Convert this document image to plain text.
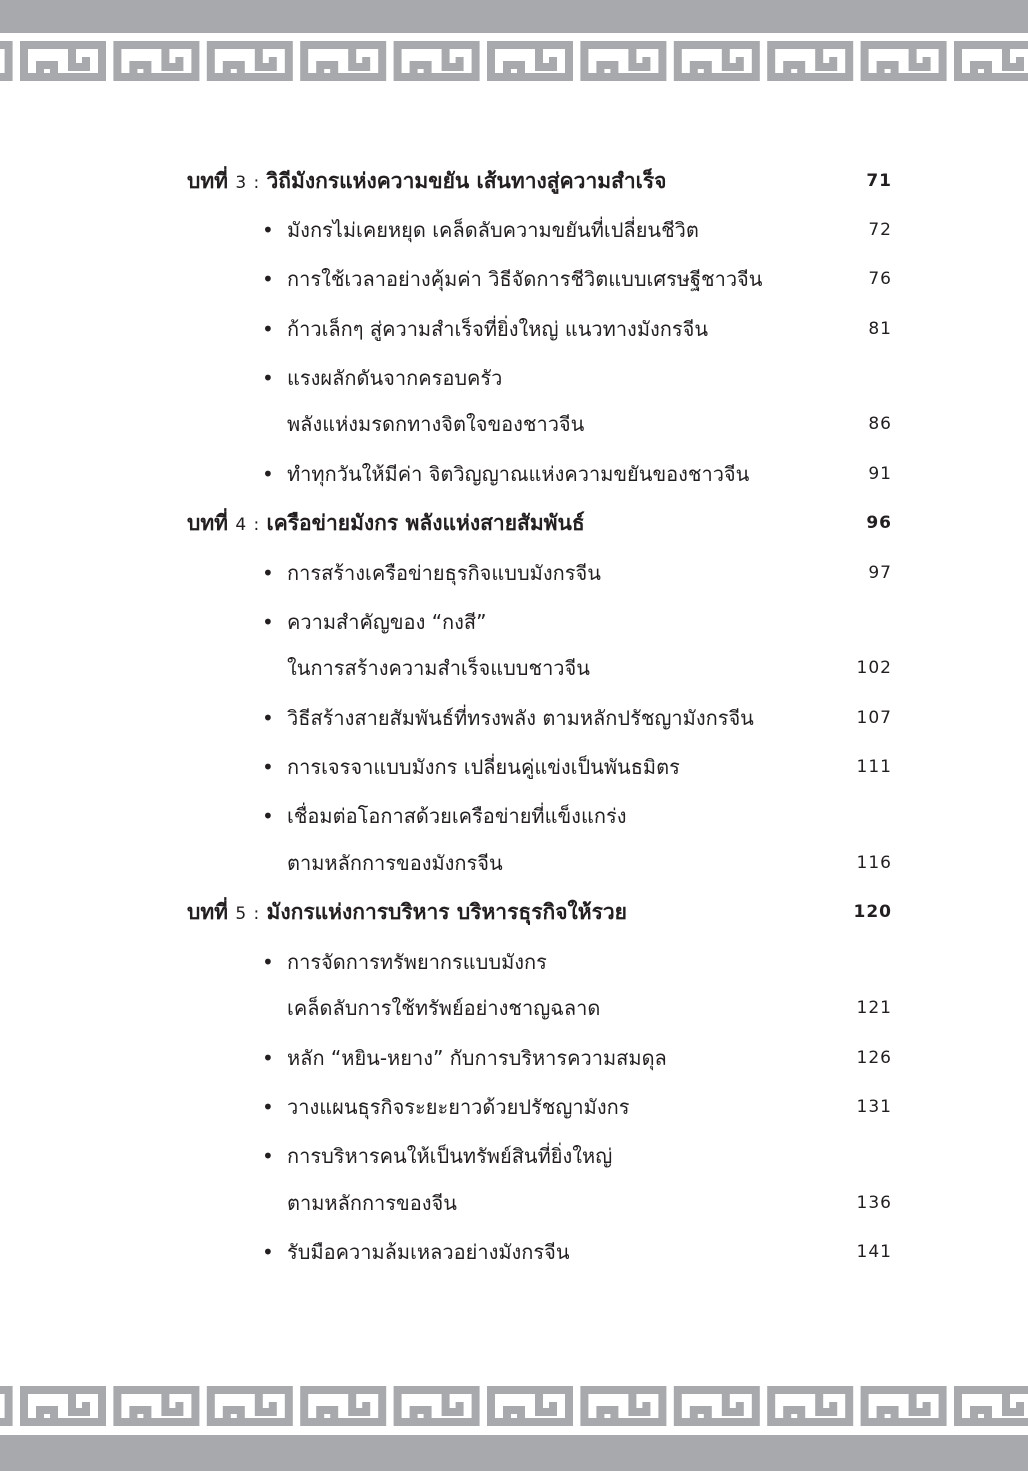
บทที่ 3 : วิถีมังกรแห่งความขยัน เส้นทางสู่ความสำเร็จ	71
• มังกรไม่เคยหยุด เคล็ดลับความขยันที่เปลี่ยนชีวิต	72
• การใช้เวลาอย่างคุ้มค่า วิธีจัดการชีวิตแบบเศรษฐีชาวจีน	76
• ก้าวเล็กๆ สู่ความสำเร็จที่ยิ่งใหญ่ แนวทางมังกรจีน	81
• แรงผลักดันจากครอบครัว
พลังแห่งมรดกทางจิตใจของชาวจีน	86
• ทำทุกวันให้มีค่า จิตวิญญาณแห่งความขยันของชาวจีน	91
บทที่ 4 : เครือข่ายมังกร พลังแห่งสายสัมพันธ์	96
• การสร้างเครือข่ายธุรกิจแบบมังกรจีน	97
• ความสำคัญของ “กงสี”
ในการสร้างความสำเร็จแบบชาวจีน	102
• วิธีสร้างสายสัมพันธ์ที่ทรงพลัง ตามหลักปรัชญามังกรจีน	107
• การเจรจาแบบมังกร เปลี่ยนคู่แข่งเป็นพันธมิตร	111
• เชื่อมต่อโอกาสด้วยเครือข่ายที่แข็งแกร่ง
ตามหลักการของมังกรจีน	116
บทที่ 5 : มังกรแห่งการบริหาร บริหารธุรกิจให้รวย	120
• การจัดการทรัพยากรแบบมังกร
เคล็ดลับการใช้ทรัพย์อย่างชาญฉลาด	121
• หลัก “หยิน-หยาง” กับการบริหารความสมดุล	126
• วางแผนธุรกิจระยะยาวด้วยปรัชญามังกร	131
• การบริหารคนให้เป็นทรัพย์สินที่ยิ่งใหญ่
ตามหลักการของจีน	136
• รับมือความล้มเหลวอย่างมังกรจีน	141
